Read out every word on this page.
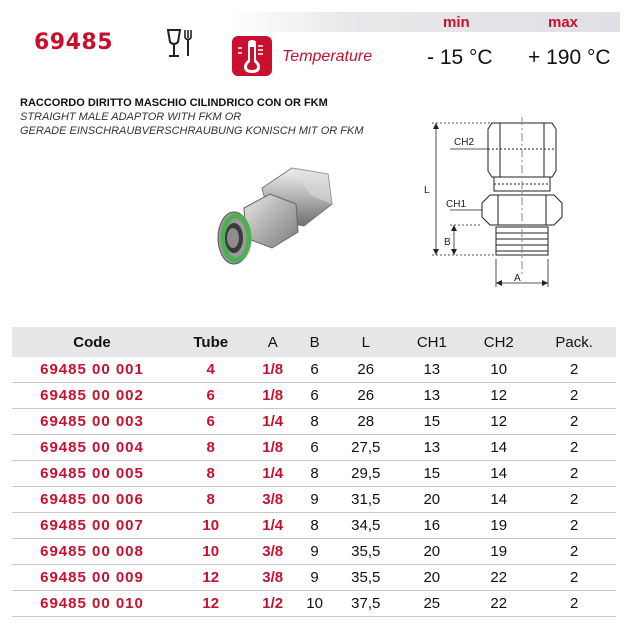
69485
min	max
Temperature	- 15 °C + 190 °C
RACCORDO DIRITTO MASCHIO CILINDRICO CON OR FKM
STRAIGHT MALE ADAPTOR WITH FKM OR
GERADE EINSCHRAUBVERSCHRAUBUNG KONISCH MIT OR FKM
CH2
CH1
L
B
A
Code	Tube	A	B	L	CH1	CH2	Pack.
69485 00 001	4	1/8	6	26	13	10	2
69485 00 002	6	1/8	6	26	13	12	2
69485 00 003	6	1/4	8	28	15	12	2
69485 00 004	8	1/8	6	27,5	13	14	2
69485 00 005	8	1/4	8	29,5	15	14	2
69485 00 006	8	3/8	9	31,5	20	14	2
69485 00 007	10	1/4	8	34,5	16	19	2
69485 00 008	10	3/8	9	35,5	20	19	2
69485 00 009	12	3/8	9	35,5	20	22	2
69485 00 010	12	1/2	10	37,5	25	22	2
